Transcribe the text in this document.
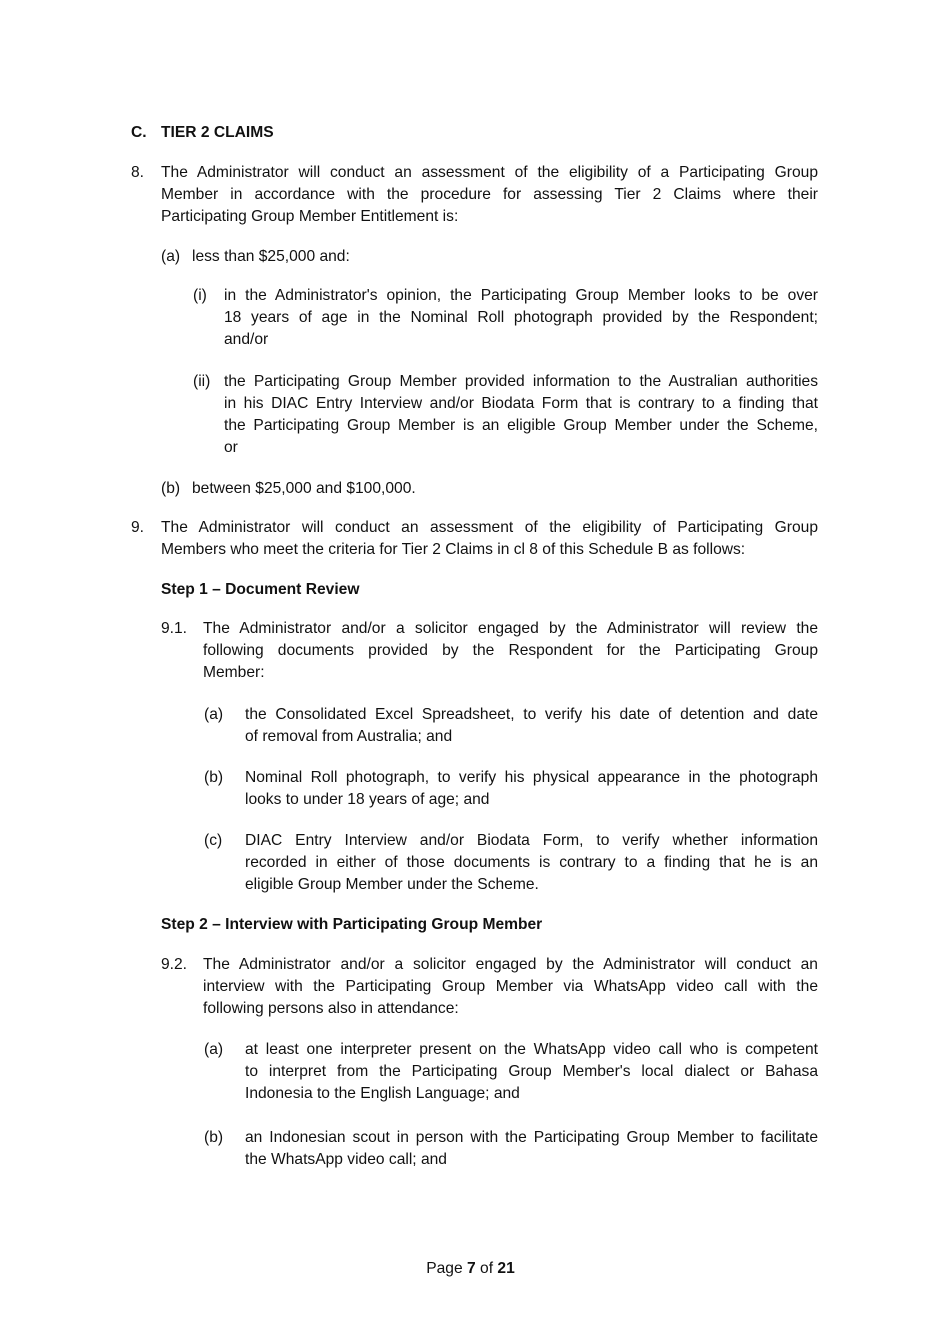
C. TIER 2 CLAIMS
8. The Administrator will conduct an assessment of the eligibility of a Participating Group
Member in accordance with the procedure for assessing Tier 2 Claims where their
Participating Group Member Entitlement is:
(a) less than $25,000 and:
(i) in the Administrator's opinion, the Participating Group Member looks to be over
18 years of age in the Nominal Roll photograph provided by the Respondent;
and/or
(ii) the Participating Group Member provided information to the Australian authorities
in his DIAC Entry Interview and/or Biodata Form that is contrary to a finding that
the Participating Group Member is an eligible Group Member under the Scheme,
or
(b) between $25,000 and $100,000.
9. The Administrator will conduct an assessment of the eligibility of Participating Group
Members who meet the criteria for Tier 2 Claims in cl 8 of this Schedule B as follows:
Step 1 – Document Review
9.1. The Administrator and/or a solicitor engaged by the Administrator will review the
following documents provided by the Respondent for the Participating Group
Member:
(a) the Consolidated Excel Spreadsheet, to verify his date of detention and date
of removal from Australia; and
(b) Nominal Roll photograph, to verify his physical appearance in the photograph
looks to under 18 years of age; and
(c) DIAC Entry Interview and/or Biodata Form, to verify whether information
recorded in either of those documents is contrary to a finding that he is an
eligible Group Member under the Scheme.
Step 2 – Interview with Participating Group Member
9.2. The Administrator and/or a solicitor engaged by the Administrator will conduct an
interview with the Participating Group Member via WhatsApp video call with the
following persons also in attendance:
(a) at least one interpreter present on the WhatsApp video call who is competent
to interpret from the Participating Group Member's local dialect or Bahasa
Indonesia to the English Language; and
(b) an Indonesian scout in person with the Participating Group Member to facilitate
the WhatsApp video call; and
Page 7 of 21
